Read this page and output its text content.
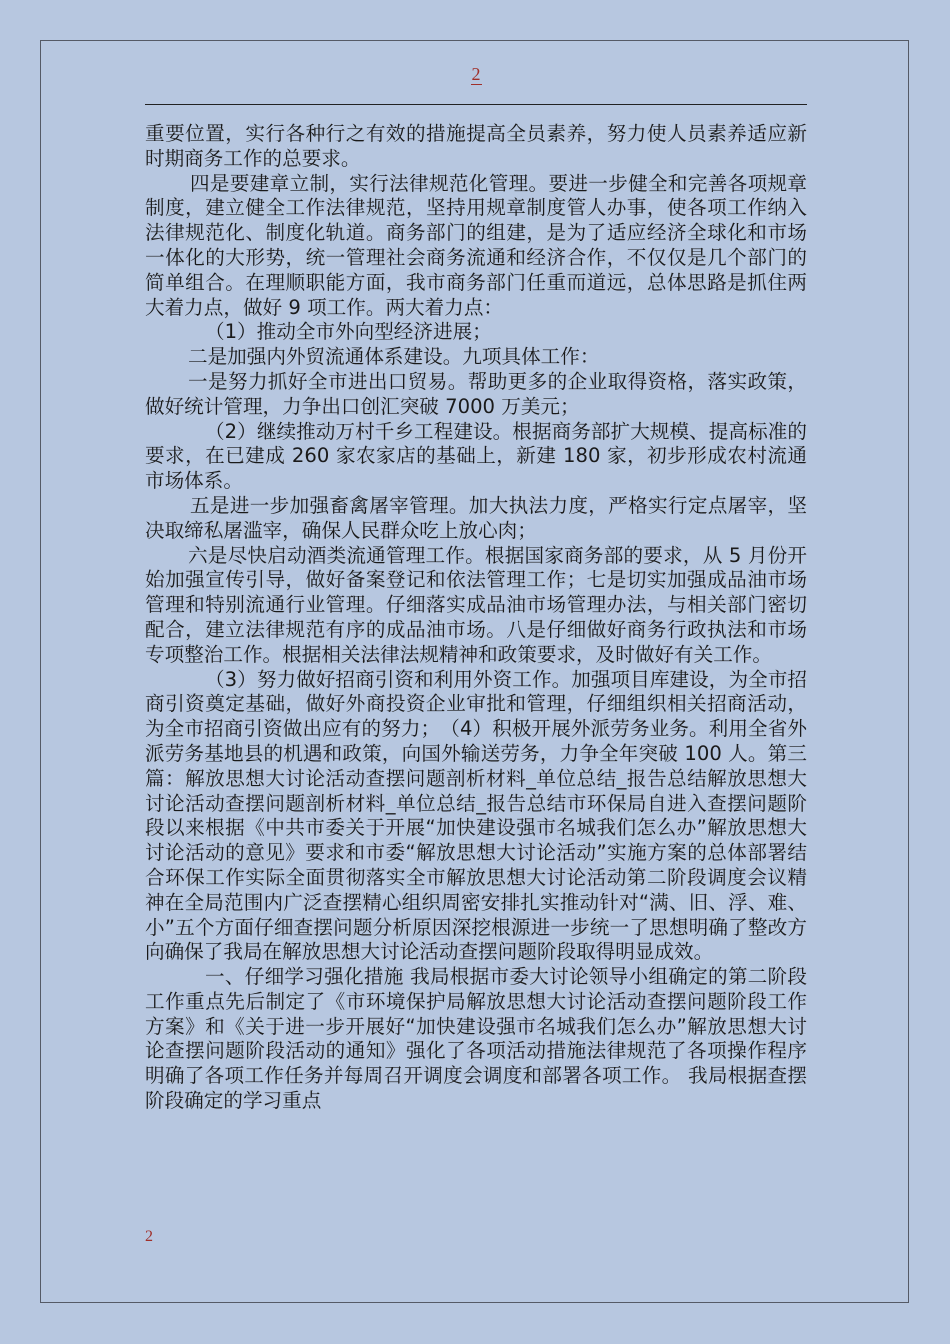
2

重要位置，实行各种行之有效的措施提高全员素养，努力使人员素养适应新时期商务工作的总要求。

四是要建章立制，实行法律规范化管理。要进一步健全和完善各项规章制度，建立健全工作法律规范，坚持用规章制度管人办事，使各项工作纳入法律规范化、制度化轨道。商务部门的组建，是为了适应经济全球化和市场一体化的大形势，统一管理社会商务流通和经济合作，不仅仅是几个部门的简单组合。在理顺职能方面，我市商务部门任重而道远，总体思路是抓住两大着力点，做好 9 项工作。两大着力点：

（1）推动全市外向型经济进展；

二是加强内外贸流通体系建设。九项具体工作：

一是努力抓好全市进出口贸易。帮助更多的企业取得资格，落实政策，做好统计管理，力争出口创汇突破 7000 万美元；

（2）继续推动万村千乡工程建设。根据商务部扩大规模、提高标准的要求，在已建成 260 家农家店的基础上，新建 180 家，初步形成农村流通市场体系。

五是进一步加强畜禽屠宰管理。加大执法力度，严格实行定点屠宰，坚决取缔私屠滥宰，确保人民群众吃上放心肉；

六是尽快启动酒类流通管理工作。根据国家商务部的要求，从 5 月份开始加强宣传引导，做好备案登记和依法管理工作；七是切实加强成品油市场管理和特别流通行业管理。仔细落实成品油市场管理办法，与相关部门密切配合，建立法律规范有序的成品油市场。八是仔细做好商务行政执法和市场专项整治工作。根据相关法律法规精神和政策要求，及时做好有关工作。

（3）努力做好招商引资和利用外资工作。加强项目库建设，为全市招商引资奠定基础，做好外商投资企业审批和管理，仔细组织相关招商活动，为全市招商引资做出应有的努力；　（4）积极开展外派劳务业务。利用全省外派劳务基地县的机遇和政策，向国外输送劳务，力争全年突破 100 人。第三篇：解放思想大讨论活动查摆问题剖析材料_单位总结_报告总结解放思想大讨论活动查摆问题剖析材料_单位总结_报告总结市环保局自进入查摆问题阶段以来根据《中共市委关于开展“加快建设强市名城我们怎么办”解放思想大讨论活动的意见》要求和市委“解放思想大讨论活动”实施方案的总体部署结合环保工作实际全面贯彻落实全市解放思想大讨论活动第二阶段调度会议精神在全局范围内广泛查摆精心组织周密安排扎实推动针对“满、旧、浮、难、小”五个方面仔细查摆问题分析原因深挖根源进一步统一了思想明确了整改方向确保了我局在解放思想大讨论活动查摆问题阶段取得明显成效。

一、仔细学习强化措施 我局根据市委大讨论领导小组确定的第二阶段工作重点先后制定了《市环境保护局解放思想大讨论活动查摆问题阶段工作方案》和《关于进一步开展好“加快建设强市名城我们怎么办”解放思想大讨论查摆问题阶段活动的通知》强化了各项活动措施法律规范了各项操作程序明确了各项工作任务并每周召开调度会调度和部署各项工作。 我局根据查摆阶段确定的学习重点

2
